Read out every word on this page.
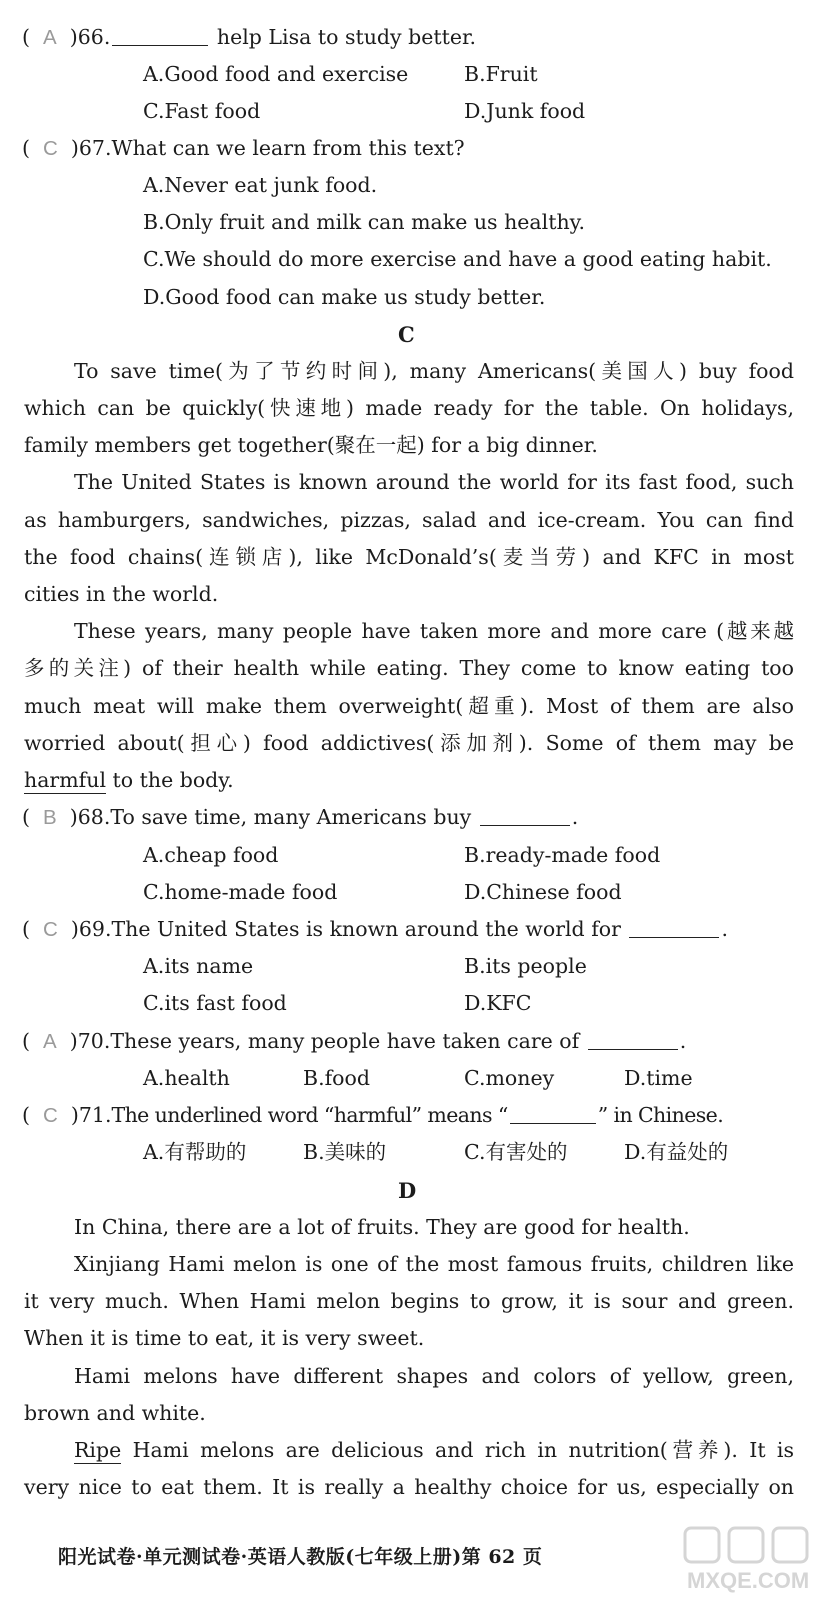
(  A )66.	help Lisa to study better.
A.Good food and exercise	B.Fruit
C.Fast food	D.Junk food
(  C )67.What can we learn from this text?
A.Never eat junk food.
B.Only fruit and milk can make us healthy.
C.We should do more exercise and have a good eating habit.
D.Good food can make us study better.
C
To save time(为了节约时间), many Americans(美国人) buy food
which can be quickly(快速地) made ready for the table. On holidays,
family members get together(聚在一起) for a big dinner.
The United States is known around the world for its fast food, such
as hamburgers, sandwiches, pizzas, salad and ice-cream. You can find
the food chains(连锁店), like McDonald’s(麦当劳) and KFC in most
cities in the world.
These years, many people have taken more and more care (越来越
多的关注) of their health while eating. They come to know eating too
much meat will make them overweight(超重). Most of them are also
worried about(担心) food addictives(添加剂). Some of them may be
harmful to the body.
(  B )68.To save time, many Americans buy	.
A.cheap food	B.ready-made food
C.home-made food	D.Chinese food
(  C )69.The United States is known around the world for	.
A.its name	B.its people
C.its fast food	D.KFC
(  A )70.These years, many people have taken care of	.
A.health	B.food	C.money	D.time
(  C )71.The underlined word “harmful” means “	” in Chinese.
A.有帮助的	B.美味的	C.有害处的	D.有益处的
D
In China, there are a lot of fruits. They are good for health.
Xinjiang Hami melon is one of the most famous fruits, children like
it very much. When Hami melon begins to grow, it is sour and green.
When it is time to eat, it is very sweet.
Hami melons have different shapes and colors of yellow, green,
brown and white.
Ripe Hami melons are delicious and rich in nutrition(营养). It is
very nice to eat them. It is really a healthy choice for us, especially on
阳光试卷·单元测试卷·英语人教版(七年级上册)第 62 页
MXQE.COM
